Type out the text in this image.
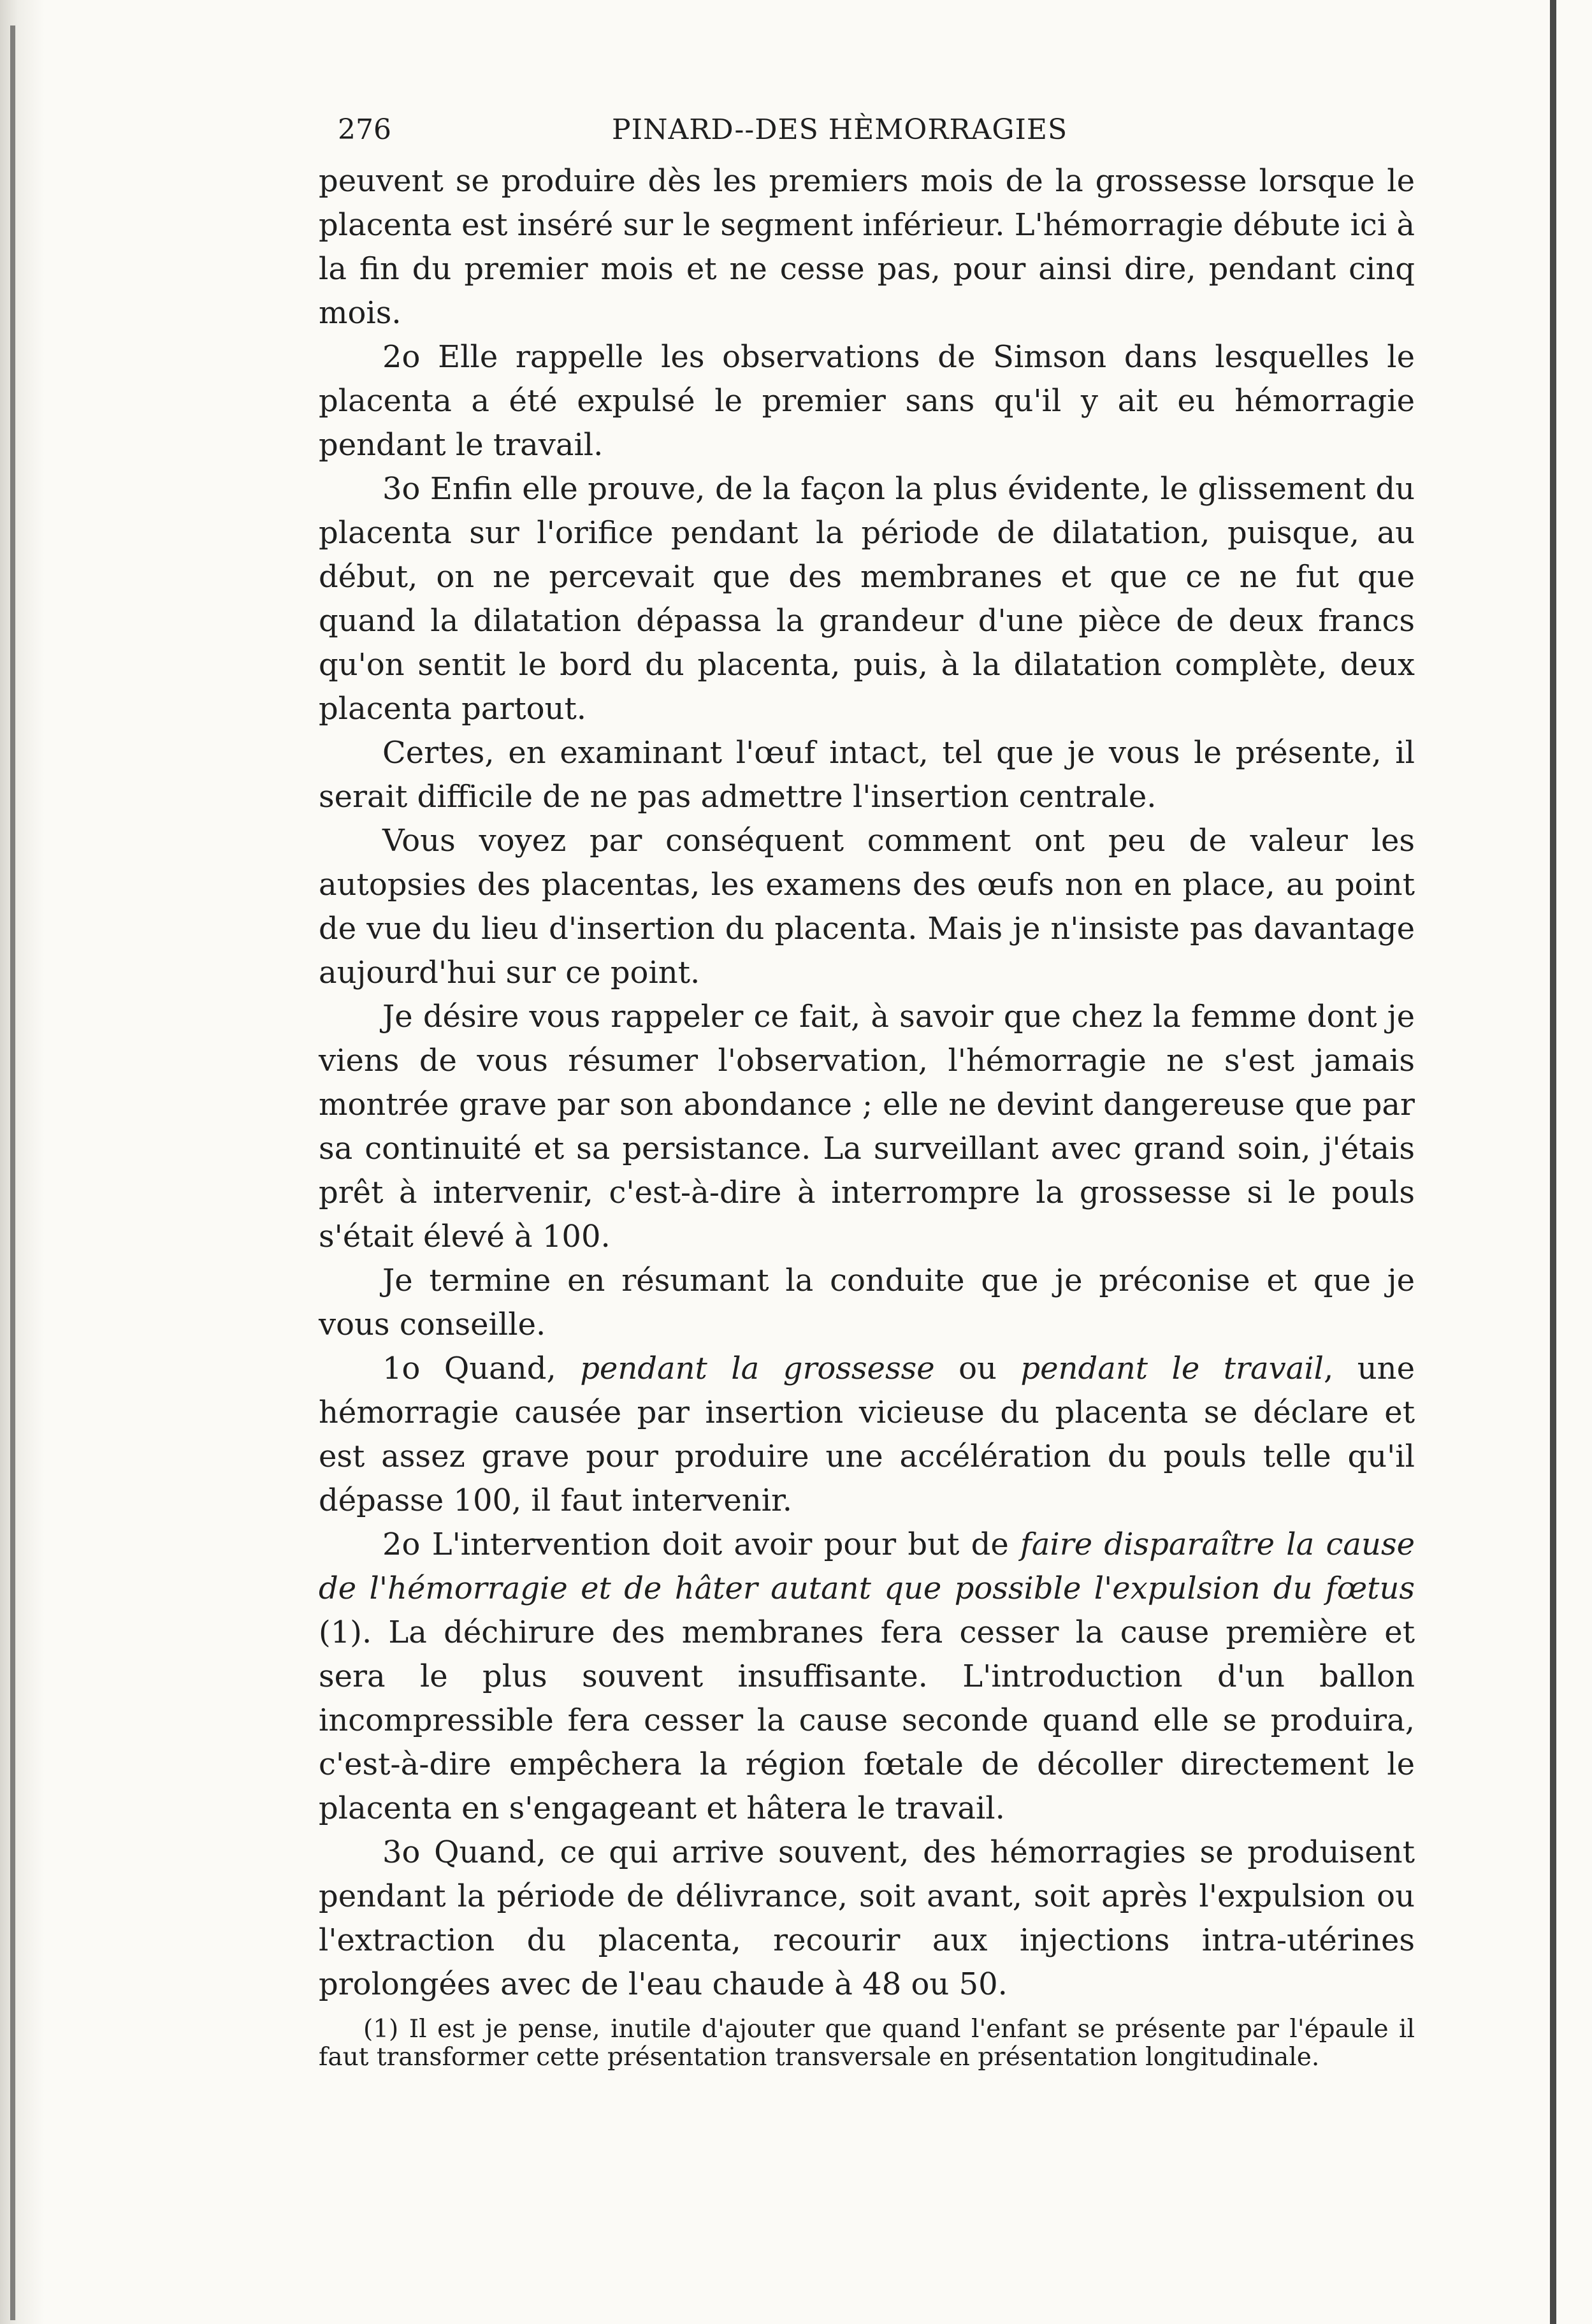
276	PINARD--DES HÈMORRAGIES

peuvent se produire dès les premiers mois de la grossesse lorsque le placenta est inséré sur le segment inférieur. L'hémorragie débute ici à la fin du premier mois et ne cesse pas, pour ainsi dire, pendant cinq mois.

2o Elle rappelle les observations de Simson dans lesquelles le placenta a été expulsé le premier sans qu'il y ait eu hémorragie pendant le travail.

3o Enfin elle prouve, de la façon la plus évidente, le glissement du placenta sur l'orifice pendant la période de dilatation, puisque, au début, on ne percevait que des membranes et que ce ne fut que quand la dilatation dépassa la grandeur d'une pièce de deux francs qu'on sentit le bord du placenta, puis, à la dilatation complète, deux placenta partout.

Certes, en examinant l'œuf intact, tel que je vous le présente, il serait difficile de ne pas admettre l'insertion centrale.

Vous voyez par conséquent comment ont peu de valeur les autopsies des placentas, les examens des œufs non en place, au point de vue du lieu d'insertion du placenta. Mais je n'insiste pas davantage aujourd'hui sur ce point.

Je désire vous rappeler ce fait, à savoir que chez la femme dont je viens de vous résumer l'observation, l'hémorragie ne s'est jamais montrée grave par son abondance ; elle ne devint dangereuse que par sa continuité et sa persistance. La surveillant avec grand soin, j'étais prêt à intervenir, c'est-à-dire à interrompre la grossesse si le pouls s'était élevé à 100.

Je termine en résumant la conduite que je préconise et que je vous conseille.

1o Quand, pendant la grossesse ou pendant le travail, une hémorragie causée par insertion vicieuse du placenta se déclare et est assez grave pour produire une accélération du pouls telle qu'il dépasse 100, il faut intervenir.

2o L'intervention doit avoir pour but de faire disparaître la cause de l'hémorragie et de hâter autant que possible l'expulsion du fœtus (1). La déchirure des membranes fera cesser la cause première et sera le plus souvent insuffisante. L'introduction d'un ballon incompressible fera cesser la cause seconde quand elle se produira, c'est-à-dire empêchera la région fœtale de décoller directement le placenta en s'engageant et hâtera le travail.

3o Quand, ce qui arrive souvent, des hémorragies se produisent pendant la période de délivrance, soit avant, soit après l'expulsion ou l'extraction du placenta, recourir aux injections intra-utérines prolongées avec de l'eau chaude à 48 ou 50.

(1) Il est je pense, inutile d'ajouter que quand l'enfant se présente par l'épaule il faut transformer cette présentation transversale en présentation longitudinale.
